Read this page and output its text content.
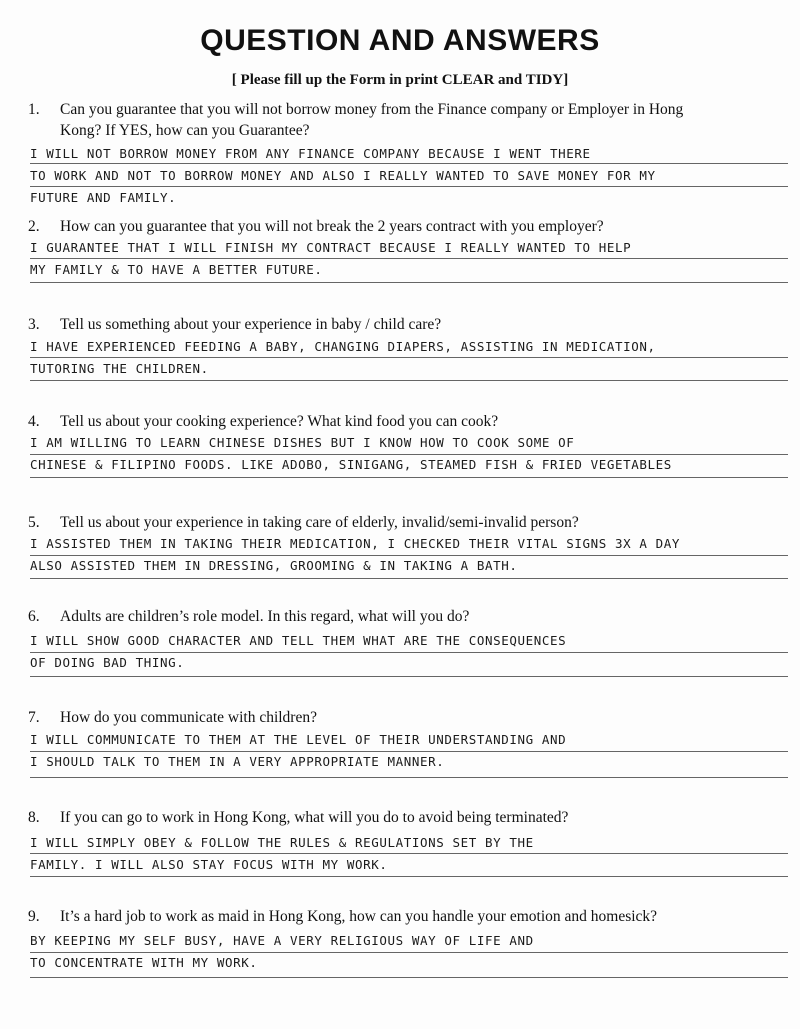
QUESTION AND ANSWERS
[ Please fill up the Form in print CLEAR and TIDY]
1. Can you guarantee that you will not borrow money from the Finance company or Employer in Hong
Kong? If YES, how can you Guarantee?
I WILL NOT BORROW MONEY FROM ANY FINANCE COMPANY BECAUSE I WENT THERE
TO WORK AND NOT TO BORROW MONEY AND ALSO I REALLY WANTED TO SAVE MONEY FOR MY
FUTURE AND FAMILY.
2. How can you guarantee that you will not break the 2 years contract with you employer?
I GUARANTEE THAT I WILL FINISH MY CONTRACT BECAUSE I REALLY WANTED TO HELP
MY FAMILY & TO HAVE A BETTER FUTURE.
3. Tell us something about your experience in baby / child care?
I HAVE EXPERIENCED FEEDING A BABY, CHANGING DIAPERS, ASSISTING IN MEDICATION,
TUTORING THE CHILDREN.
4. Tell us about your cooking experience? What kind food you can cook?
I AM WILLING TO LEARN CHINESE DISHES BUT I KNOW HOW TO COOK SOME OF
CHINESE & FILIPINO FOODS. LIKE ADOBO, SINIGANG, STEAMED FISH & FRIED VEGETABLES
5. Tell us about your experience in taking care of elderly, invalid/semi-invalid person?
I ASSISTED THEM IN TAKING THEIR MEDICATION, I CHECKED THEIR VITAL SIGNS 3X A DAY
ALSO ASSISTED THEM IN DRESSING, GROOMING & IN TAKING A BATH.
6. Adults are children’s role model. In this regard, what will you do?
I WILL SHOW GOOD CHARACTER AND TELL THEM WHAT ARE THE CONSEQUENCES
OF DOING BAD THING.
7. How do you communicate with children?
I WILL COMMUNICATE TO THEM AT THE LEVEL OF THEIR UNDERSTANDING AND
I SHOULD TALK TO THEM IN A VERY APPROPRIATE MANNER.
8. If you can go to work in Hong Kong, what will you do to avoid being terminated?
I WILL SIMPLY OBEY & FOLLOW THE RULES & REGULATIONS SET BY THE
FAMILY. I WILL ALSO STAY FOCUS WITH MY WORK.
9. It’s a hard job to work as maid in Hong Kong, how can you handle your emotion and homesick?
BY KEEPING MY SELF BUSY, HAVE A VERY RELIGIOUS WAY OF LIFE AND
TO CONCENTRATE WITH MY WORK.
